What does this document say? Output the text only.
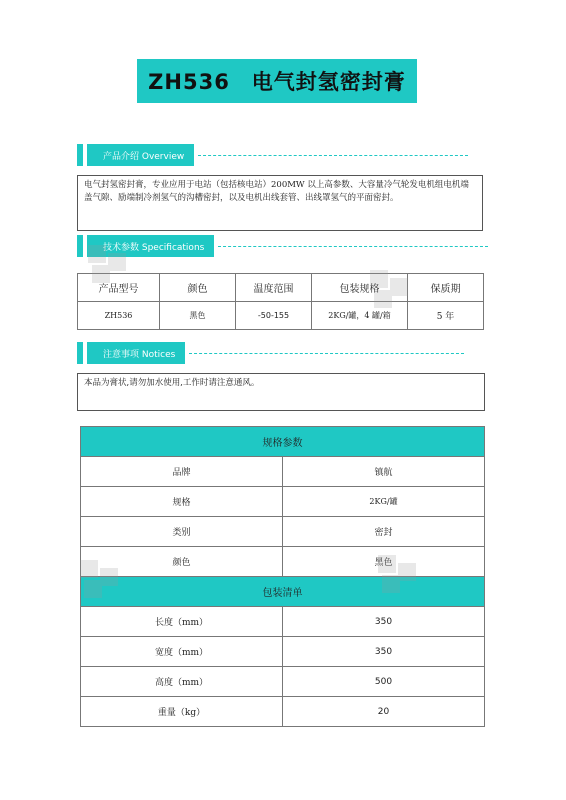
ZH536　电气封氢密封膏
产品介绍 Overview
电气封氢密封膏，专业应用于电站（包括核电站）200MW 以上高参数、大容量冷气轮发电机组电机端盖气隙、励端制冷剂氢气的沟槽密封，以及电机出线套管、出线罩氢气的平面密封。
技术参数 Specifications
产品型号	颜色	温度范围	包装规格	保质期
ZH536	黑色	-50-155	2KG/罐，4 罐/箱	5 年
注意事项 Notices
本品为膏状,请勿加水使用,工作时请注意通风。
规格参数	
品牌	镇航
规格	2KG/罐
类别	密封
颜色	黑色
包装清单	
长度（mm）	350
宽度（mm）	350
高度（mm）	500
重量（kg）	20
